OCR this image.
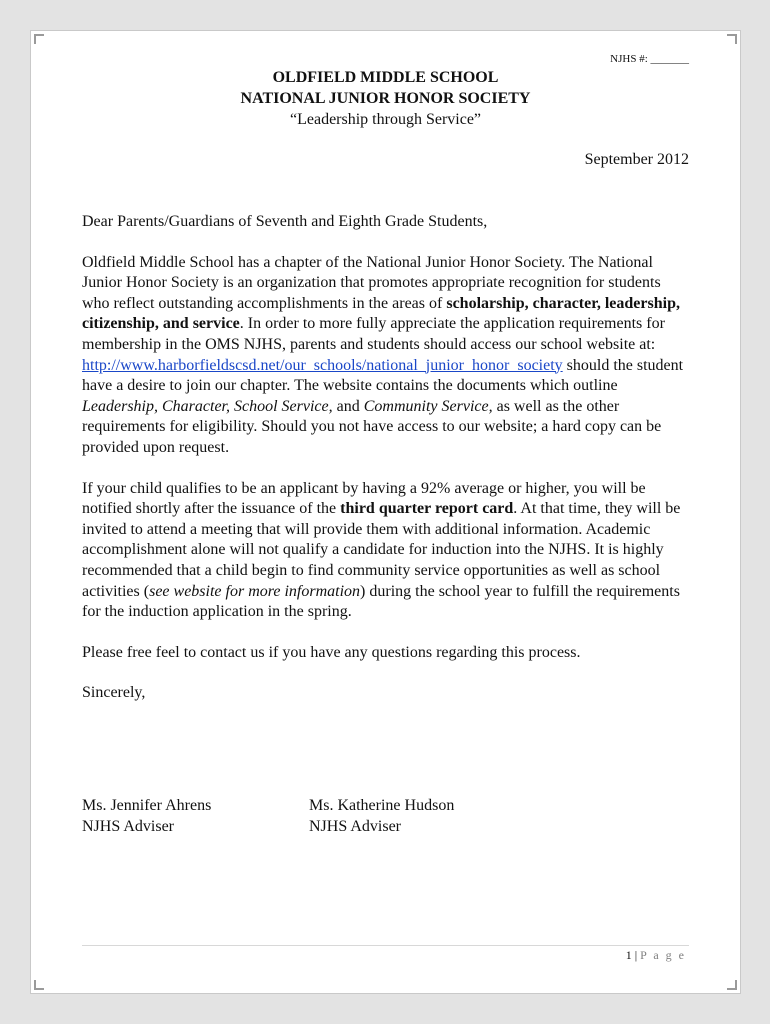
NJHS #: _______
OLDFIELD MIDDLE SCHOOL
NATIONAL JUNIOR HONOR SOCIETY
“Leadership through Service”
September 2012

Dear Parents/Guardians of Seventh and Eighth Grade Students,

Oldfield Middle School has a chapter of the National Junior Honor Society. The National Junior Honor Society is an organization that promotes appropriate recognition for students who reflect outstanding accomplishments in the areas of scholarship, character, leadership, citizenship, and service. In order to more fully appreciate the application requirements for membership in the OMS NJHS, parents and students should access our school website at:
http://www.harborfieldscsd.net/our_schools/national_junior_honor_society should the student have a desire to join our chapter. The website contains the documents which outline Leadership, Character, School Service, and Community Service, as well as the other requirements for eligibility. Should you not have access to our website; a hard copy can be provided upon request.

If your child qualifies to be an applicant by having a 92% average or higher, you will be notified shortly after the issuance of the third quarter report card. At that time, they will be invited to attend a meeting that will provide them with additional information. Academic accomplishment alone will not qualify a candidate for induction into the NJHS. It is highly recommended that a child begin to find community service opportunities as well as school activities (see website for more information) during the school year to fulfill the requirements for the induction application in the spring.

Please free feel to contact us if you have any questions regarding this process.

Sincerely,

Ms. Jennifer Ahrens
NJHS Adviser
Ms. Katherine Hudson
NJHS Adviser
1 | P a g e
